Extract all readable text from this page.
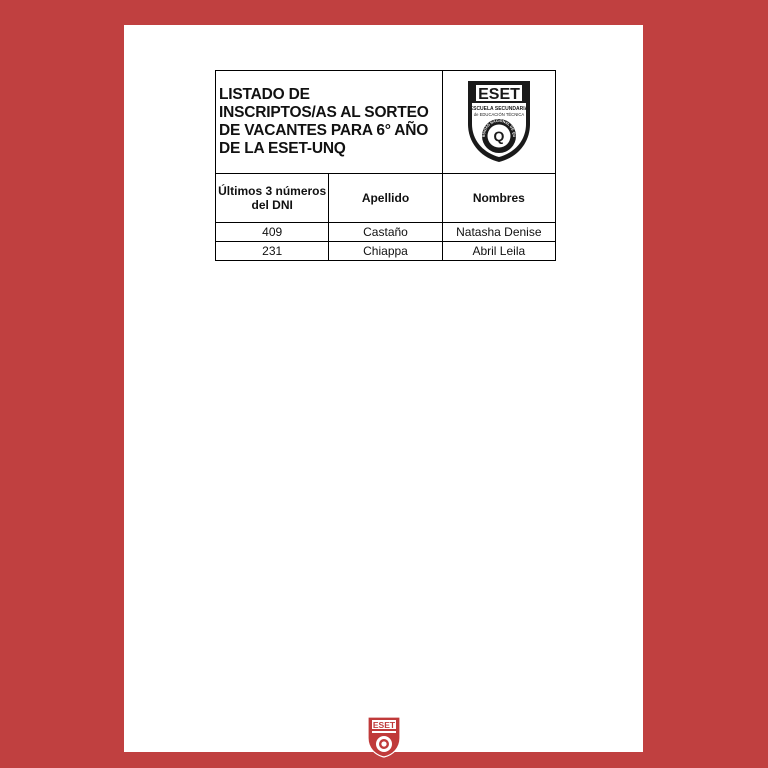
LISTADO DE INSCRIPTOS/AS AL SORTEO DE VACANTES PARA 6° AÑO DE LA ESET-UNQ		ESET
ESCUELA SECUNDARIA
de EDUCACIÓN TÉCNICA
RSIDAD NACIONAL DE QU
Q

Últimos 3 números del DNI	Apellido	Nombres
409	Castaño	Natasha Denise
231	Chiappa	Abril Leila
ESET
